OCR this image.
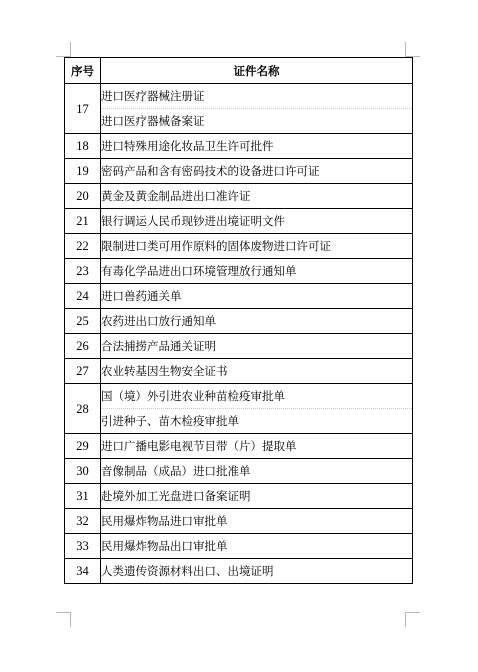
序号	证件名称
17	进口医疗器械注册证
进口医疗器械备案证

18	进口特殊用途化妆品卫生许可批件

19	密码产品和含有密码技术的设备进口许可证

20	黄金及黄金制品进出口准许证

21	银行调运人民币现钞进出境证明文件

22	限制进口类可用作原料的固体废物进口许可证

23	有毒化学品进出口环境管理放行通知单

24	进口兽药通关单

25	农药进出口放行通知单

26	合法捕捞产品通关证明

27	农业转基因生物安全证书

28	国（境）外引进农业种苗检疫审批单
引进种子、苗木检疫审批单

29	进口广播电影电视节目带（片）提取单

30	音像制品（成品）进口批准单

31	赴境外加工光盘进口备案证明

32	民用爆炸物品进口审批单

33	民用爆炸物品出口审批单

34	人类遗传资源材料出口、出境证明
